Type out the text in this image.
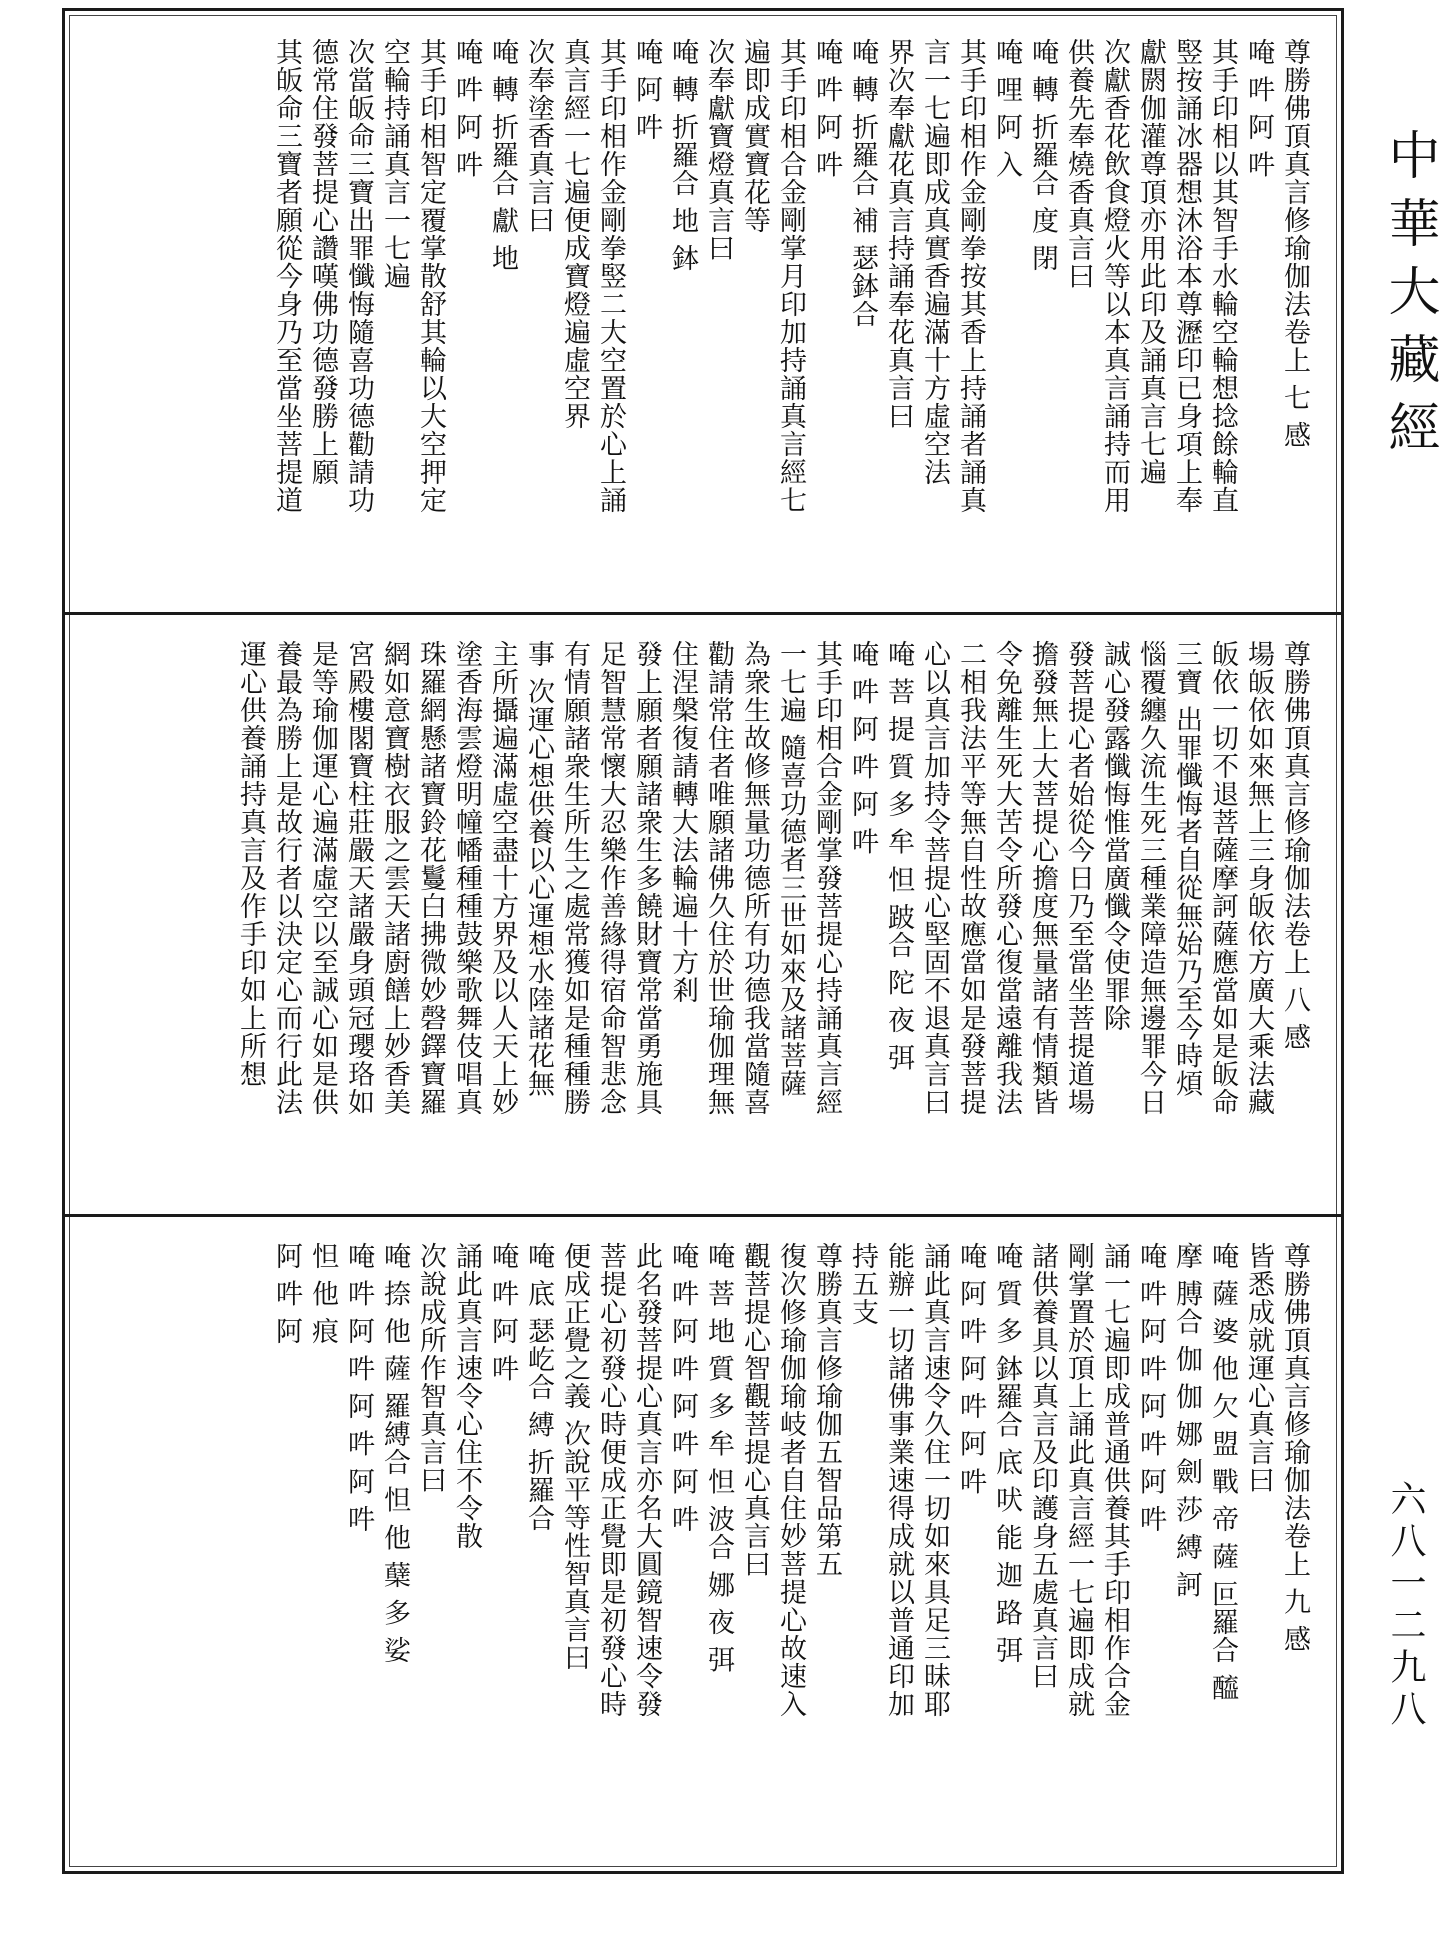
尊勝佛頂真言修瑜伽法卷上 七 感
唵 吽 阿 吽
其手印相以其智手水輪空輪想捻餘輪直
竪按誦冰器想沐浴本尊瀝印已身項上奉
獻閼伽灌尊頂亦用此印及誦真言七遍
次獻香花飲食燈火等以本真言誦持而用
供養先奉燒香真言曰
唵 轉 折羅合 度 閉
唵 哩 阿 入
其手印相作金剛拳按其香上持誦者誦真
言一七遍即成真實香遍滿十方虛空法
界次奉獻花真言持誦奉花真言曰
唵 轉 折羅合 補 瑟鉢合
唵 吽 阿 吽
其手印相合金剛掌月印加持誦真言經七
遍即成實寶花等
次奉獻寶燈真言曰
唵 轉 折羅合 地 鉢
唵 阿 吽
其手印相作金剛拳竪二大空置於心上誦
真言經一七遍便成寶燈遍虛空界
次奉塗香真言曰
唵 轉 折羅合 獻 地
唵 吽 阿 吽
其手印相智定覆掌散舒其輪以大空押定
空輪持誦真言一七遍
次當皈命三寶出罪懺悔隨喜功德勸請功
德常住發菩提心讚嘆佛功德發勝上願
其皈命三寶者願從今身乃至當坐菩提道
尊勝佛頂真言修瑜伽法卷上 八 感
場皈依如來無上三身皈依方廣大乘法藏
皈依一切不退菩薩摩訶薩應當如是皈命
三寶 出罪懺悔者自從無始乃至今時煩
惱覆纏久流生死三種業障造無邊罪今日
誠心發露懺悔惟當廣懺令使罪除
發菩提心者始從今日乃至當坐菩提道場
擔發無上大菩提心擔度無量諸有情類皆
令免離生死大苦令所發心復當遠離我法
二相我法平等無自性故應當如是發菩提
心以真言加持令菩提心堅固不退真言曰
唵 菩 提 質 多 牟 怛 跛合 陀 夜 弭
唵 吽 阿 吽 阿 吽
其手印相合金剛掌發菩提心持誦真言經
一七遍 隨喜功德者三世如來及諸菩薩
為衆生故修無量功德所有功德我當隨喜
勸請常住者唯願諸佛久住於世瑜伽理無
住涅槃復請轉大法輪遍十方剎
發上願者願諸衆生多饒財寶常當勇施具
足智慧常懷大忍樂作善緣得宿命智悲念
有情願諸衆生所生之處常獲如是種種勝
事 次運心想供養以心運想水陸諸花無
主所攝遍滿虛空盡十方界及以人天上妙
塗香海雲燈明幢幡種種鼓樂歌舞伎唱真
珠羅網懸諸寶鈴花鬘白拂微妙磬鐸寶羅
網如意寶樹衣服之雲天諸廚饍上妙香美
宮殿樓閣寶柱莊嚴天諸嚴身頭冠瓔珞如
是等瑜伽運心遍滿虛空以至誠心如是供
養最為勝上是故行者以決定心而行此法
運心供養誦持真言及作手印如上所想
尊勝佛頂真言修瑜伽法卷上 九 感
皆悉成就運心真言曰
唵 薩 婆 他 欠 盟 戰 帝 薩 叵羅合 醯
摩 膊合 伽 伽 娜 劍 莎 縛 訶
唵 吽 阿 吽 阿 吽 阿 吽
誦一七遍即成普通供養其手印相作合金
剛掌置於頂上誦此真言經一七遍即成就
諸供養具以真言及印護身五處真言曰
唵 質 多 鉢羅合 底 吠 能 迦 路 弭
唵 阿 吽 阿 吽 阿 吽
誦此真言速令久住一切如來具足三昧耶
能辦一切諸佛事業速得成就以普通印加
持五支
尊勝真言修瑜伽五智品第五
復次修瑜伽瑜岐者自住妙菩提心故速入
觀菩提心智觀菩提心真言曰
唵 菩 地 質 多 牟 怛 波合 娜 夜 弭
唵 吽 阿 吽 阿 吽 阿 吽
此名發菩提心真言亦名大圓鏡智速令發
菩提心初發心時便成正覺即是初發心時
便成正覺之義 次說平等性智真言曰
唵 底 瑟屹合 縛 折羅合
唵 吽 阿 吽
誦此真言速令心住不令散
次說成所作智真言曰
唵 捺 他 薩 羅縛合 怛 他 蘖 多 娑
唵 吽 阿 吽 阿 吽 阿 吽
怛 他 痕
阿 吽 阿
中華大藏經
六八一二九八
